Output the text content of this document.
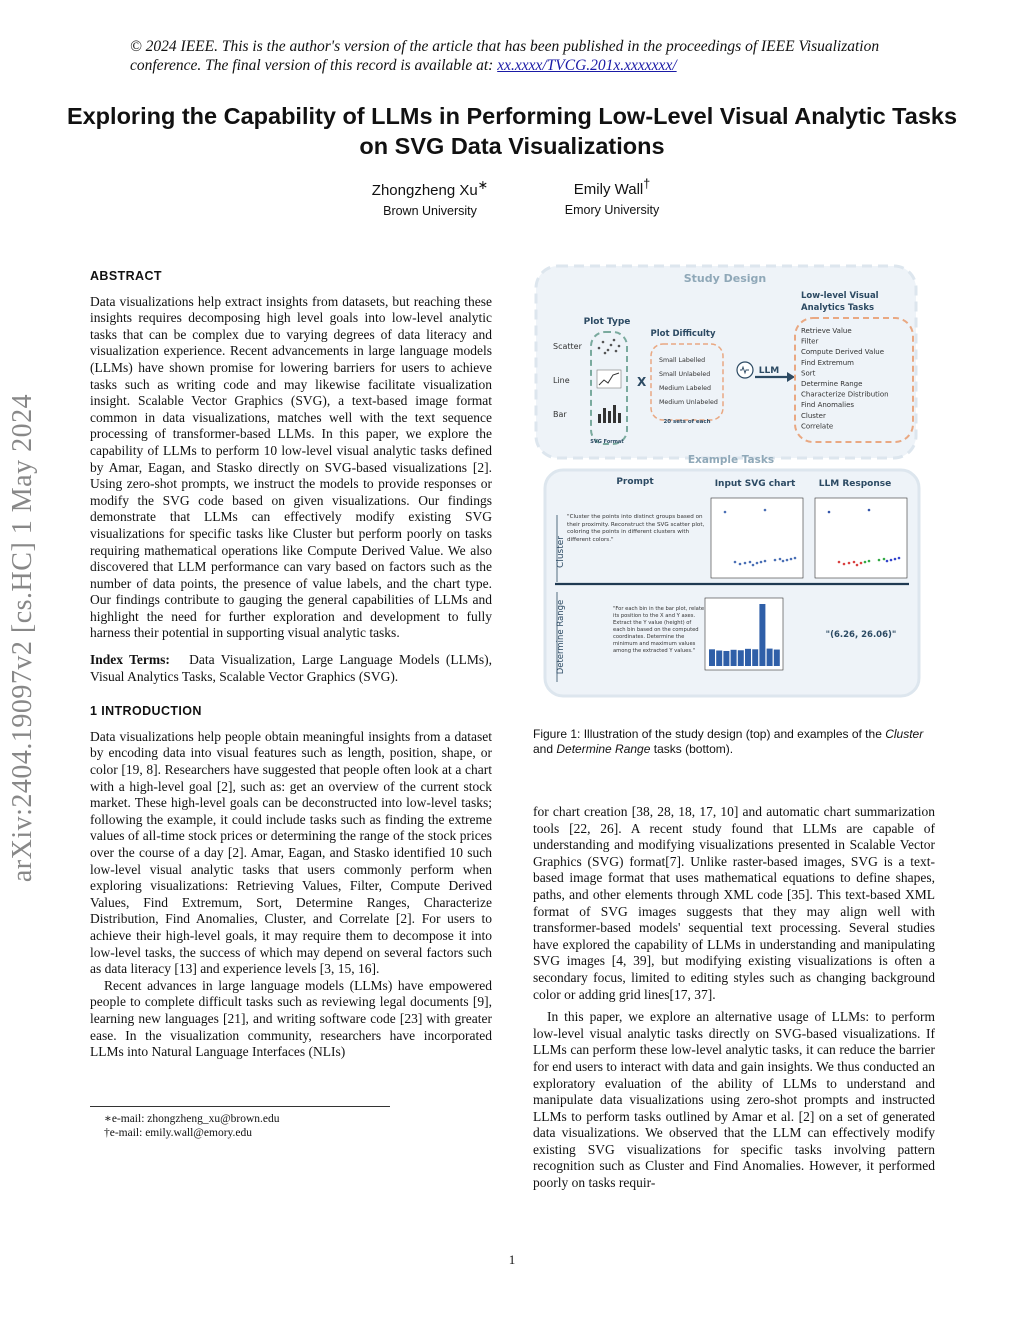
© 2024 IEEE. This is the author's version of the article that has been published in the proceedings of IEEE Visualization conference. The final version of this record is available at: xx.xxxx/TVCG.201x.xxxxxxx/
Exploring the Capability of LLMs in Performing Low-Level Visual Analytic Tasks on SVG Data Visualizations
Zhongzheng Xu∗
Brown University
Emily Wall†
Emory University
arXiv:2404.19097v2 [cs.HC] 1 May 2024
ABSTRACT

Data visualizations help extract insights from datasets, but reaching these insights requires decomposing high level goals into low-level analytic tasks that can be complex due to varying degrees of data literacy and visualization experience. Recent advancements in large language models (LLMs) have shown promise for lowering barriers for users to achieve tasks such as writing code and may likewise facilitate visualization insight. Scalable Vector Graphics (SVG), a text-based image format common in data visualizations, matches well with the text sequence processing of transformer-based LLMs. In this paper, we explore the capability of LLMs to perform 10 low-level visual analytic tasks defined by Amar, Eagan, and Stasko directly on SVG-based visualizations [2]. Using zero-shot prompts, we instruct the models to provide responses or modify the SVG code based on given visualizations. Our findings demonstrate that LLMs can effectively modify existing SVG visualizations for specific tasks like Cluster but perform poorly on tasks requiring mathematical operations like Compute Derived Value. We also discovered that LLM performance can vary based on factors such as the number of data points, the presence of value labels, and the chart type. Our findings contribute to gauging the general capabilities of LLMs and highlight the need for further exploration and development to fully harness their potential in supporting visual analytic tasks.

Index Terms: Data Visualization, Large Language Models (LLMs), Visual Analytics Tasks, Scalable Vector Graphics (SVG).

1 INTRODUCTION

Data visualizations help people obtain meaningful insights from a dataset by encoding data into visual features such as length, position, shape, or color [19, 8]. Researchers have suggested that people often look at a chart with a high-level goal [2], such as: get an overview of the current stock market. These high-level goals can be deconstructed into low-level tasks; following the example, it could include tasks such as finding the extreme values of all-time stock prices or determining the range of the stock prices over the course of a day [2]. Amar, Eagan, and Stasko identified 10 such low-level visual analytic tasks that users commonly perform when exploring visualizations: Retrieving Values, Filter, Compute Derived Values, Find Extremum, Sort, Determine Ranges, Characterize Distribution, Find Anomalies, Cluster, and Correlate [2]. For users to achieve their high-level goals, it may require them to decompose it into low-level tasks, the success of which may depend on several factors such as data literacy [13] and experience levels [3, 15, 16].

Recent advances in large language models (LLMs) have empowered people to complete difficult tasks such as reviewing legal documents [9], learning new languages [21], and writing software code [23] with greater ease. In the visualization community, researchers have incorporated LLMs into Natural Language Interfaces (NLIs)

∗e-mail: zhongzheng_xu@brown.edu
†e-mail: emily.wall@emory.edu
Study Design
Plot Type
Scatter
Line
Bar
SVG Format
X
Plot Difficulty
Small Labelled
Small Unlabeled
Medium Labeled
Medium Unlabeled
20 sets of each
LLM
Low-level Visual
Analytics Tasks
Retrieve Value
Filter
Compute Derived Value
Find Extremum
Sort
Determine Range
Characterize Distribution
Find Anomalies
Cluster
Correlate
Example Tasks
Prompt	Input SVG chart	LLM Response
Cluster
"Cluster the points into distinct groups based on their proximity. Reconstruct the SVG scatter plot, coloring the points in different clusters with different colors."
Determine Range	"For each bin in the bar plot, relate its position to the X and Y axes. Extract the Y value (height) of each bin based on the computed coordinates. Determine the minimum and maximum values among the extracted Y values."
"(6.26, 26.06)"
Figure 1: Illustration of the study design (top) and examples of the Cluster and Determine Range tasks (bottom).

for chart creation [38, 28, 18, 17, 10] and automatic chart summarization tools [22, 26]. A recent study found that LLMs are capable of understanding and modifying visualizations presented in Scalable Vector Graphics (SVG) format[7]. Unlike raster-based images, SVG is a text-based image format that uses mathematical equations to define shapes, paths, and other elements through XML code [35]. This text-based XML format of SVG images suggests that they may align well with transformer-based models' sequential text processing. Several studies have explored the capability of LLMs in understanding and manipulating SVG images [4, 39], but modifying existing visualizations is often a secondary focus, limited to editing styles such as changing background color or adding grid lines[17, 37].

In this paper, we explore an alternative usage of LLMs: to perform low-level visual analytic tasks directly on SVG-based visualizations. If LLMs can perform these low-level analytic tasks, it can reduce the barrier for end users to interact with data and gain insights. We thus conducted an exploratory evaluation of the ability of LLMs to understand and manipulate data visualizations using zero-shot prompts and instructed LLMs to perform tasks outlined by Amar et al. [2] on a set of generated data visualizations. We observed that the LLM can effectively modify existing SVG visualizations for specific tasks involving pattern recognition such as Cluster and Find Anomalies. However, it performed poorly on tasks requir-

1
